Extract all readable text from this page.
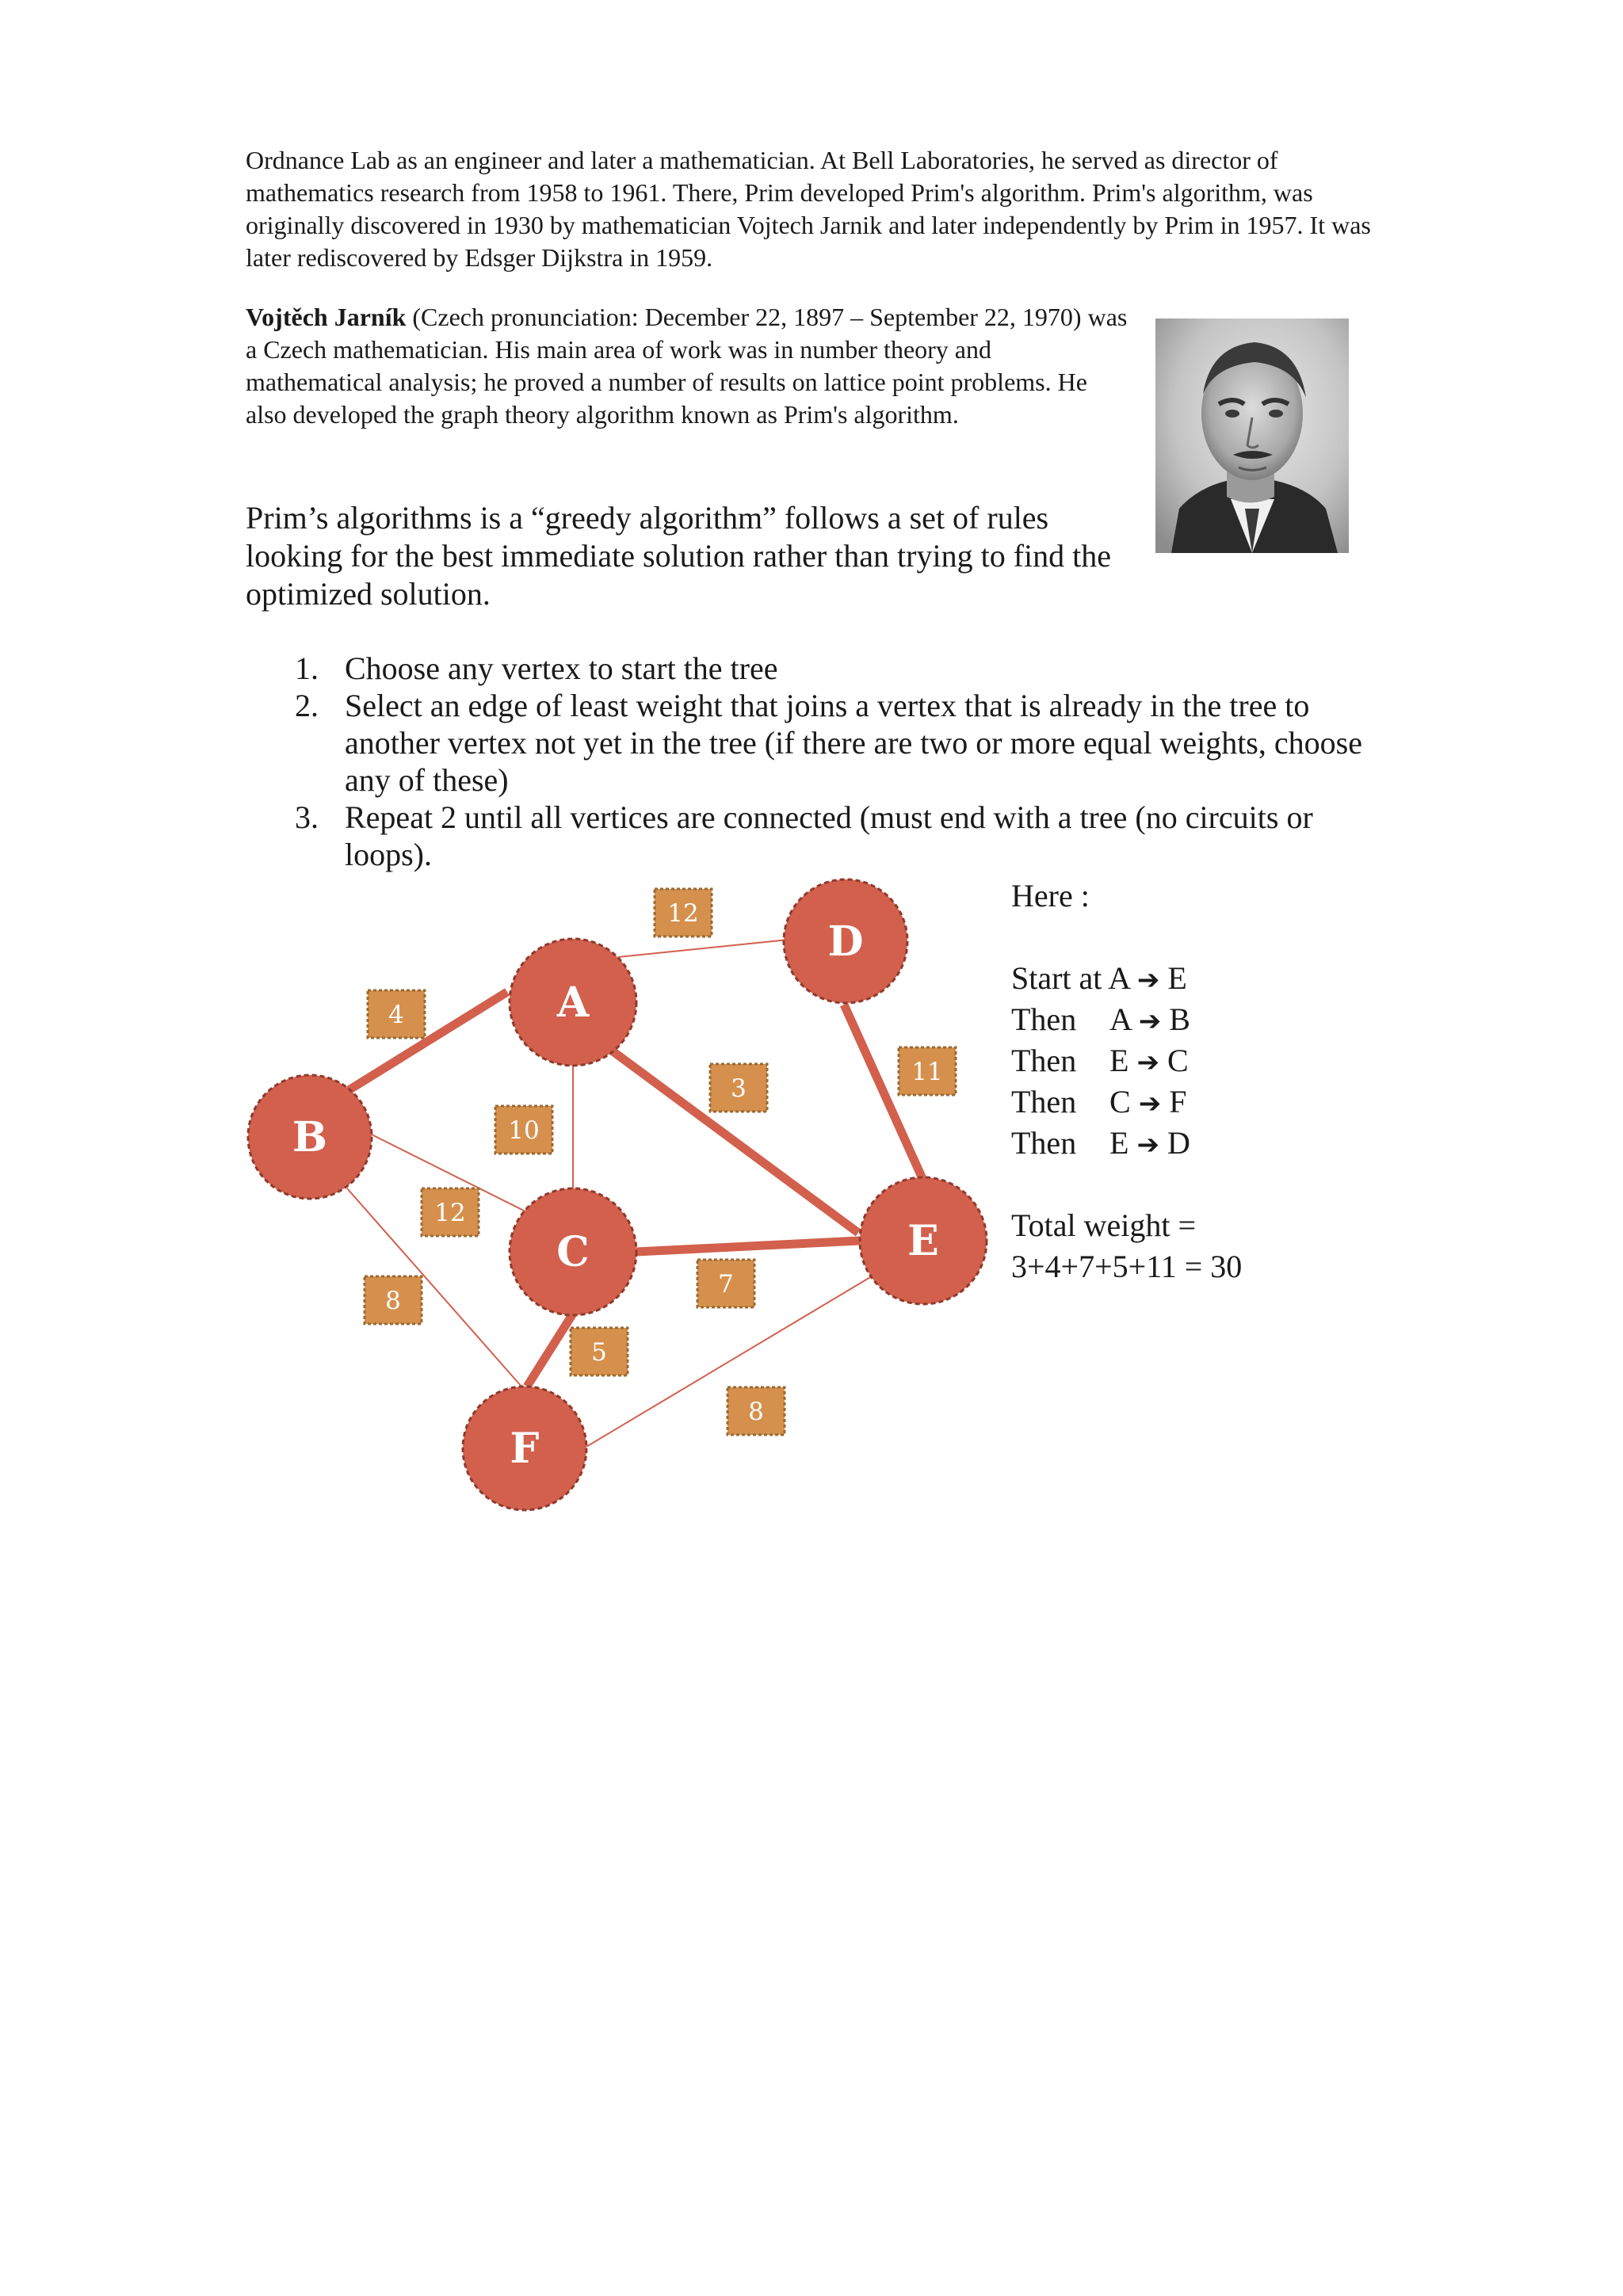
Ordnance Lab as an engineer and later a mathematician. At Bell Laboratories, he served as director of mathematics research from 1958 to 1961. There, Prim developed Prim's algorithm. Prim's algorithm, was originally discovered in 1930 by mathematician Vojtech Jarnik and later independently by Prim in 1957. It was later rediscovered by Edsger Dijkstra in 1959.

Vojtěch Jarník (Czech pronunciation: December 22, 1897 – September 22, 1970) was a Czech mathematician. His main area of work was in number theory and mathematical analysis; he proved a number of results on lattice point problems. He also developed the graph theory algorithm known as Prim's algorithm.

Prim’s algorithms is a “greedy algorithm” follows a set of rules looking for the best immediate solution rather than trying to find the optimized solution.

1. Choose any vertex to start the tree
2. Select an edge of least weight that joins a vertex that is already in the tree to another vertex not yet in the tree (if there are two or more equal weights, choose any of these)
3. Repeat 2 until all vertices are connected (must end with a tree (no circuits or loops).
12
4
3
11
10
12
7
8
5
8
A
B
C
D
E
F
Here :
Start at A ➔ E
Then A ➔ B
Then E ➔ C
Then C ➔ F
Then E ➔ D
Total weight =
3+4+7+5+11 = 30
